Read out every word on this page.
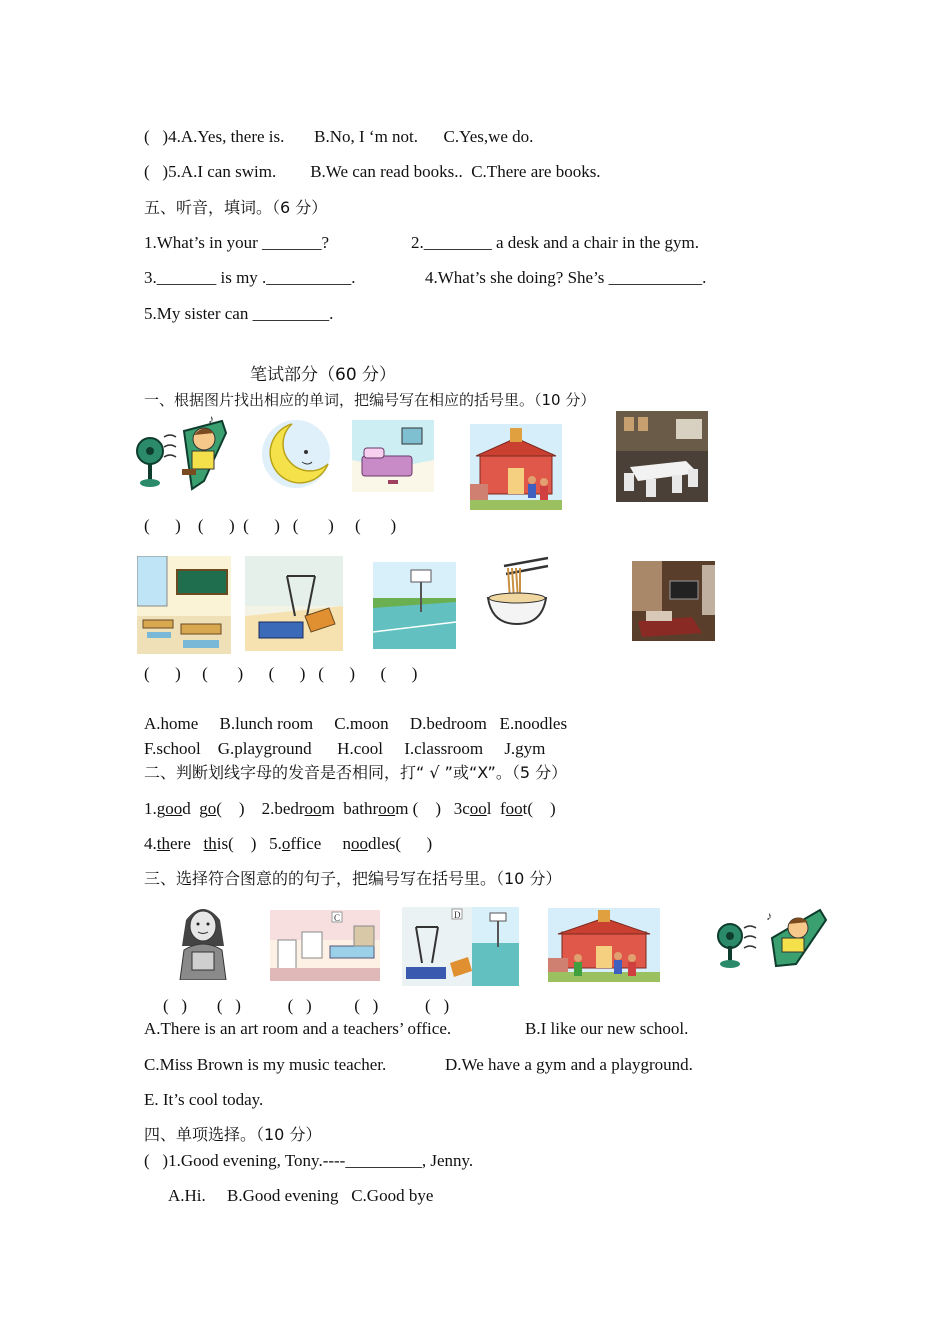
(   )4.A.Yes, there is.       B.No, I ‘m not.      C.Yes,we do.
(   )5.A.I can swim.        B.We can read books..  C.There are books.
五、听音，填词。（6 分）
1.What’s in your _______?	2.________ a desk and a chair in the gym.
3._______ is my .__________.	4.What’s she doing? She’s ___________.
5.My sister can _________.
笔试部分（60 分）
一、根据图片找出相应的单词，把编号写在相应的括号里。（10 分）
♪
(      )    (      )  (      )   (       )     (       )
(      )     (       )      (      )   (      )      (      )
A.home     B.lunch room     C.moon     D.bedroom   E.noodles
F.school    G.playground      H.cool     I.classroom     J.gym
二、判断划线字母的发音是否相同，打“ √ ”或“X”。（5 分）
1.good  go(    )    2.bedroom  bathroom (    )   3cool  foot(    )
4.there   this(    )   5.office     noodles(      )
三、选择符合图意的的句子，把编号写在括号里。（10 分）
C	D	♪
(   )       (   )           (   )          (   )           (   )
A.There is an art room and a teachers’ office.	B.I like our new school.
C.Miss Brown is my music teacher.	D.We have a gym and a playground.
E. It’s cool today.
四、单项选择。（10 分）
(   )1.Good evening, Tony.----_________, Jenny.
A.Hi.     B.Good evening   C.Good bye
